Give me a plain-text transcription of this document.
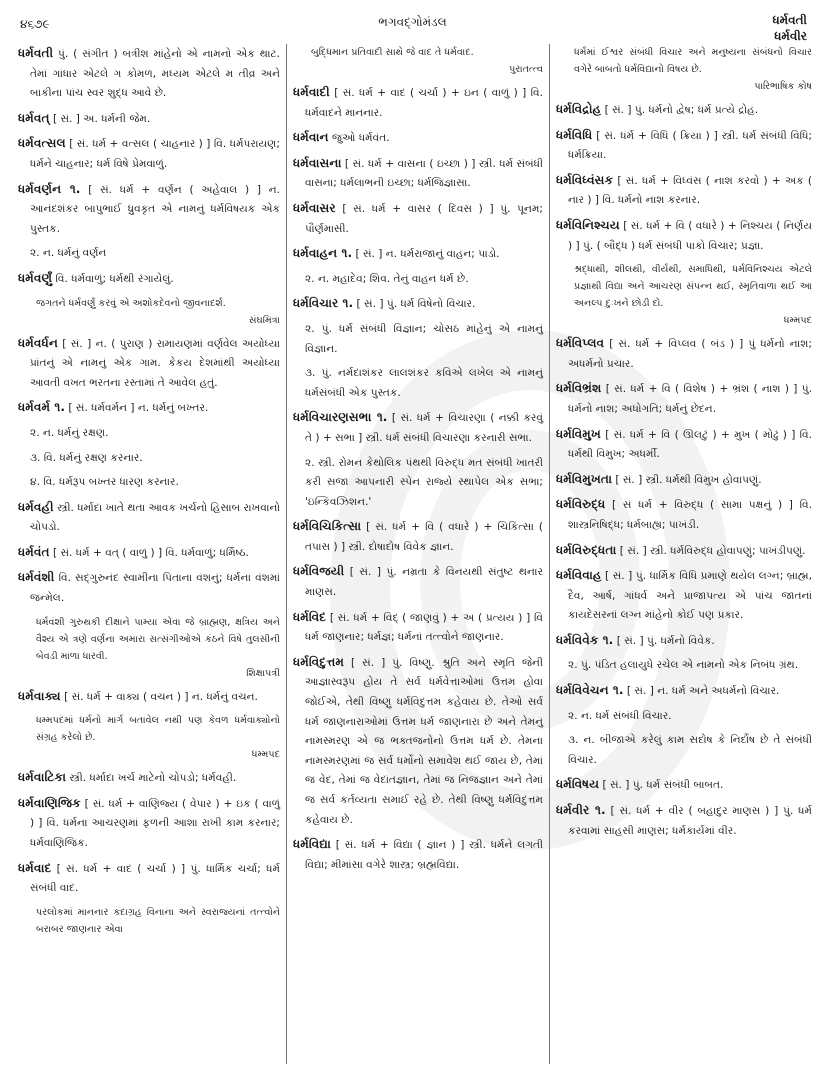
૪૬૭૯	ભગવદ્ગોમંડલ	ધર્મવતી
ધર્મવીર
ધર્મવતી પું. ( સંગીત ) બત્રીશ માંહેનો એ નામનો એક થાટ. તેમાં ગાંધાર એટલે ગ કોમળ, મધ્યમ એટલે મ તીવ્ર અને બાકીના પાંચ સ્વર શુદ્ધ આવે છે.
ધર્મવત્ [ સં. ] અ. ધર્મની જેમ.
ધર્મવત્સલ [ સં. ધર્મ + વત્સલ ( ચાહનાર ) ] વિ. ધર્મપરાયણ; ધર્મને ચાહનાર; ધર્મ વિષે પ્રેમવાળું.
ધર્મવર્ણન ૧. [ સં. ધર્મ + વર્ણન ( અહેવાલ ) ] ન. આનંદશંકર બાપુભાઈ ધ્રુવકૃત એ નામનું ધર્મવિષયક એક પુસ્તક.
૨. ન. ધર્મનું વર્ણન
ધર્મવર્ણું વિ. ધર્મવાળું; ધર્મથી રંગાયેલું.
જગતને ધર્મવર્ણું કરવું એ અશોકદેવનો જીવનાદર્શ.
સંઘમિત્રા
ધર્મવર્ધન [ સં. ] ન. ( પુરાણ ) રામાયણમાં વર્ણવેલ અયોધ્યા પ્રાંતનું એ નામનું એક ગામ. કેકય દેશમાંથી અયોધ્યા આવતી વખત ભરતના રસ્તામાં તે આવેલ હતું.
ધર્મવર્મ ૧. [ સં. ધર્મવર્મન ] ન. ધર્મનું બખ્તર.
૨. ન. ધર્મનું રક્ષણ.
૩. વિ. ધર્મનું રક્ષણ કરનાર.
૪. વિ. ધર્મરૂપ બખ્તર ધારણ કરનાર.
ધર્મવહી સ્ત્રી. ધર્માદા ખાતે થતા આવક ખર્ચનો હિસાબ રાખવાનો ચોપડો.
ધર્મવંત [ સં. ધર્મ + વત્ ( વાળું ) ] વિ. ધર્મવાળું; ધર્મિષ્ઠ.
ધર્મવંશી વિ. સદ્ગુરુનંદ સ્વામીના પિતાના વંશનું; ધર્મના વંશમાં જન્મેલ.
ધર્મવંશી ગુરુથકી દીક્ષાને પામ્યા એવા જે બ્રાહ્મણ, ક્ષત્રિય અને વૈશ્ય એ ત્રણે વર્ણના અમારા સત્સંગીઓએ કંઠને વિષે તુલસીની બેવડી માળા ધારવી.
શિક્ષાપત્રી
ધર્મવાક્ય [ સં. ધર્મ + વાક્ય ( વચન ) ] ન. ધર્મનું વચન.
ધમ્મપદમાં ધર્મનો માર્ગ બતાવેલ નથી પણ કેવળ ધર્મવાક્યોનો સંગ્રહ કરેલો છે.
ધમ્મપદ
ધર્મવાટિકા સ્ત્રી. ધર્માદા ખર્ચ માટેનો ચોપડો; ધર્મવહી.
ધર્મવાણિજિક [ સં. ધર્મ + વાણિજ્ય ( વેપાર ) + ઇક ( વાળું ) ] વિ. ધર્મના આચરણમાં ફળની આશા રાખી કામ કરનાર; ધર્મવાણિજિક.
ધર્મવાદ [ સં. ધર્મ + વાદ ( ચર્ચા ) ] પું. ધાર્મિક ચર્ચા; ધર્મ સંબંધી વાદ.
પરલોકમાં માનનાર કદાગ્રહ વિનાના અને સ્વરાજ્યનાં તત્ત્વોને બરાબર જાણનાર એવા
બુદ્ધિમાન પ્રતિવાદી સાથે જે વાદ તે ધર્મવાદ.
પુરાતત્ત્વ
ધર્મવાદી [ સં. ધર્મ + વાદ ( ચર્ચા ) + ઇન ( વાળું ) ] વિ. ધર્મવાદને માનનાર.
ધર્મવાન જુઓ ધર્મવંત.
ધર્મવાસના [ સં. ધર્મ + વાસના ( ઇચ્છા ) ] સ્ત્રી. ધર્મ સંબંધી વાસના; ધર્મલાભની ઇચ્છા; ધર્મજિજ્ઞાસા.
ધર્મવાસર [ સં. ધર્મ + વાસર ( દિવસ ) ] પું. પૂનમ; પૌર્ણમાસી.
ધર્મવાહન ૧. [ સં. ] ન. ધર્મરાજાનું વાહન; પાડો.
૨. ન. મહાદેવ; શિવ. તેનું વાહન ધર્મ છે.
ધર્મવિચાર ૧. [ સં. ] પું. ધર્મ વિષેનો વિચાર.
૨. પું. ધર્મ સંબંધી વિજ્ઞાન; ચોસઠ માંહેનું એ નામનું વિજ્ઞાન.
૩. પું. નર્મદાશંકર લાલશંકર કવિએ લખેલ એ નામનું ધર્મસંબંધી એક પુસ્તક.
ધર્મવિચારણસભા ૧. [ સં. ધર્મ + વિચારણા ( નક્કી કરવું તે ) + સભા ] સ્ત્રી. ધર્મ સંબંધી વિચારણા કરનારી સભા.
૨. સ્ત્રી. રોમન કેથોલિક પંથથી વિરુદ્ધ મત સંબંધી ખાતરી કરી સજા આપનારી સ્પેન રાજ્યે સ્થાપેલ એક સભા; 'ઇન્કિવઝિશન.'
ધર્મવિચિકિત્સા [ સં. ધર્મ + વિ ( વધારે ) + ચિકિત્સા ( તપાસ ) ] સ્ત્રી. દોષાદોષ વિવેક જ્ઞાન.
ધર્મવિજયી [ સં. ] પું. નમ્રતા કે વિનયથી સંતુષ્ટ થનાર માણસ.
ધર્મવિદ [ સં. ધર્મ + વિદ્ ( જાણવું ) + અ ( પ્રત્યય ) ] વિ ધર્મ જાણનાર; ધર્મજ્ઞ; ધર્મનાં તત્ત્વોને જાણનાર.
ધર્મવિદુત્તમ [ સં. ] પું. વિષ્ણુ. શ્રુતિ અને સ્મૃતિ જેની આજ્ઞાસ્વરૂપ હોય તે સર્વ ધર્મવેત્તાઓમાં ઉત્તમ હોવા જોઈએ, તેથી વિષ્ણુ ધર્મવિદુત્તમ કહેવાય છે. તેઓ સર્વ ધર્મ જાણનારાઓમાં ઉત્તમ ધર્મ જાણનારા છે અને તેમનું નામસ્મરણ એ જ ભક્તજનોનો ઉત્તમ ધર્મ છે. તેમના નામસ્મરણમાં જ સર્વ ધર્મોનો સમાવેશ થઈ જાય છે, તેમાં જ વેદ, તેમાં જ વેદાંતજ્ઞાન, તેમાં જ નિજજ્ઞાન અને તેમાં જ સર્વ કર્તવ્યતા સમાઈ રહે છે. તેથી વિષ્ણુ ધર્મવિદુત્તમ કહેવાય છે.
ધર્મવિદ્યા [ સં. ધર્મ + વિદ્યા ( જ્ઞાન ) ] સ્ત્રી. ધર્મને લગતી વિદ્યા; મીમાંસા વગેરે શાસ્ત્ર; બ્રહ્મવિદ્યા.
ધર્મમાં ઈશ્વર સંબંધી વિચાર અને મનુષ્યના સંબંધનો વિચાર વગેરે બાબતો ધર્મવિદ્યાનો વિષય છે.
પારિભાષિક કોષ
ધર્મવિદ્રોહ [ સં. ] પું. ધર્મનો દ્વેષ; ધર્મ પ્રત્યે દ્રોહ.
ધર્મવિધિ [ સં. ધર્મ + વિધિ ( ક્રિયા ) ] સ્ત્રી. ધર્મ સંબંધી વિધિ; ધર્મક્રિયા.
ધર્મવિધ્વંસક [ સં. ધર્મ + વિધ્વંસ ( નાશ કરવો ) + અક ( નાર ) ] વિ. ધર્મનો નાશ કરનાર.
ધર્મવિનિશ્ચય [ સં. ધર્મ + વિ ( વધારે ) + નિશ્ચય ( નિર્ણય ) ] પું. ( બૌદ્ધ ) ધર્મ સંબંધી પાકો વિચાર; પ્રજ્ઞા.
શ્રદ્ધાથી, શીલથી, વીર્યથી, સમાધિથી, ધર્મવિનિશ્ચય એટલે પ્રજ્ઞાથી વિદ્યા અને આચરણ સંપન્ન થઈ, સ્મૃતિવાળા થઈ આ અનલ્પ દુઃખને છોડી દો.
ધમ્મપદ
ધર્મવિપ્લવ [ સં. ધર્મ + વિપ્લવ ( બંડ ) ] પું ધર્મનો નાશ; અધર્મનો પ્રચાર.
ધર્મવિભ્રંશ [ સં. ધર્મ + વિ ( વિશેષ ) + ભ્રંશ ( નાશ ) ] પું. ધર્મનો નાશ; અધોગતિ; ધર્મનું છેદન.
ધર્મવિમુખ [ સં. ધર્મ + વિ ( ઊલટું ) + મુખ ( મોઢું ) ] વિ. ધર્મથી વિમુખ; અધર્મી.
ધર્મવિમુખતા [ સં. ] સ્ત્રી. ધર્મથી વિમુખ હોવાપણું.
ધર્મવિરુદ્ધ [ સં ધર્મ + વિરુદ્ધ ( સામા પક્ષનું ) ] વિ. શાસ્ત્રનિષિદ્ધ; ધર્મબાહ્ય; પાખંડી.
ધર્મવિરુદ્ધતા [ સં. ] સ્ત્રી. ધર્મવિરુદ્ધ હોવાપણું; પાખંડીપણું.
ધર્મવિવાહ [ સં. ] પું. ધાર્મિક વિધિ પ્રમાણે થયેલ લગ્ન; બ્રાહ્મ, દૈવ, આર્ષ, ગાંધર્વ અને પ્રાજાપત્ય એ પાંચ જાતનાં કાયદેસરનાં લગ્ન માંહેનો કોઈ પણ પ્રકાર.
ધર્મવિવેક ૧. [ સં. ] પું. ધર્મનો વિવેક.
૨. પું. પંડિત હલાયુધે રચેલ એ નામનો એક નિબંધ ગ્રંથ.
ધર્મવિવેચન ૧. [ સં. ] ન. ધર્મ અને અધર્મનો વિચાર.
૨. ન. ધર્મ સંબંધી વિચાર.
૩. ન. બીજાએ કરેલું કામ સદોષ કે નિર્દોષ છે તે સંબંધી વિચાર.
ધર્મવિષય [ સં. ] પું. ધર્મ સંબંધી બાબત.
ધર્મવીર ૧. [ સં. ધર્મ + વીર ( બહાદુર માણસ ) ] પું. ધર્મ કરવામાં સાહસી માણસ; ધર્મકાર્યમાં વીર.
